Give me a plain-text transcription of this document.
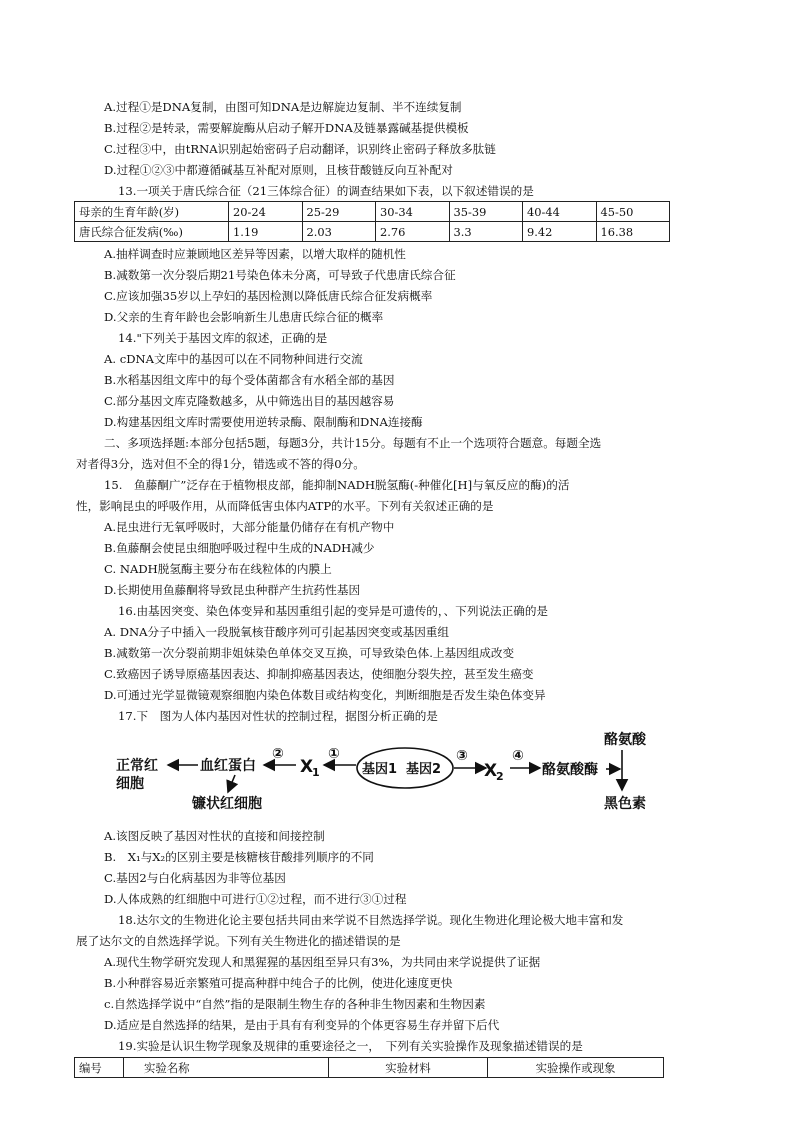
A.过程①是DNA复制，由图可知DNA是边解旋边复制、半不连续复制
B.过程②是转录，需要解旋酶从启动子解开DNA及链暴露碱基提供模板
C.过程③中，由tRNA识别起始密码子启动翻译，识别终止密码子释放多肽链
D.过程①②③中都遵循碱基互补配对原则，且核苷酸链反向互补配对
13.一项关于唐氏综合征（21三体综合征）的调查结果如下表，以下叙述错误的是
母亲的生育年龄(岁)	20-24	25-29	30-34	35-39	40-44	45-50
唐氏综合征发病(‰)	1.19	2.03	2.76	3.3	9.42	16.38
A.抽样调查时应兼顾地区差异等因素，以增大取样的随机性
B.减数第一次分裂后期21号染色体未分离，可导致子代患唐氏综合征
C.应该加强35岁以上孕妇的基因检测以降低唐氏综合征发病概率
D.父亲的生育年龄也会影响新生儿患唐氏综合征的概率
14."下列关于基因文库的叙述，正确的是
A. cDNA文库中的基因可以在不同物种间进行交流
B.水稻基因组文库中的每个受体菌都含有水稻全部的基因
C.部分基因文库克隆数越多，从中筛选出目的基因越容易
D.构建基因组文库时需要使用逆转录酶、限制酶和DNA连接酶
二、多项选择题:本部分包括5题，每题3分，共计15分。每题有不止一个选项符合题意。每题全选
对者得3分，选对但不全的得1分，错选或不答的得0分。
15.　鱼藤酮广”泛存在于植物根皮部，能抑制NADH脱氢酶(-种催化[H]与氧反应的酶)的活
性，影响昆虫的呼吸作用，从而降低害虫体内ATP的水平。下列有关叙述正确的是
A.昆虫进行无氧呼吸时，大部分能量仍储存在有机产物中
B.鱼藤酮会使昆虫细胞呼吸过程中生成的NADH减少
C. NADH脱氢酶主要分布在线粒体的内膜上
D.长期使用鱼藤酮将导致昆虫种群产生抗药性基因
16.由基因突变、染色体变异和基因重组引起的变异是可遗传的，、下列说法正确的是
A. DNA分子中插入一段脱氧核苷酸序列可引起基因突变或基因重组
B.减数第一次分裂前期非姐妹染色单体交叉互换，可导致染色体.上基因组成改变
C.致癌因子诱导原癌基因表达、抑制抑癌基因表达，使细胞分裂失控，甚至发生癌变
D.可通过光学显微镜观察细胞内染色体数目或结构变化，判断细胞是否发生染色体变异
17.下　图为人体内基因对性状的控制过程，据图分析正确的是
正常红
细胞
血红蛋白
镰状红细胞
②
X
1
①
基因1 基因2
③
X
2
④
酪氨酸酶
酪氨酸
黑色素
A.该图反映了基因对性状的直接和间接控制
B.　X₁与X₂的区别主要是核糖核苷酸排列顺序的不同
C.基因2与白化病基因为非等位基因
D.人体成熟的红细胞中可进行①②过程，而不进行③①过程
18.达尔文的生物进化论主要包括共同由来学说不目然选择学说。现化生物进化理论极大地丰富和发
展了达尔文的自然选择学说。下列有关生物进化的描述错误的是
A.现代生物学研究发现人和黑猩猩的基因组至异只有3%，为共同由来学说提供了证据
B.小种群容易近亲繁殖可提高种群中纯合子的比例，使进化速度更快
c.自然选择学说中“自然”指的是限制生物生存的各种非生物因素和生物因素
D.适应是自然选择的结果，是由于具有有利变异的个体更容易生存并留下后代
19.实验是认识生物学现象及规律的重要途径之一，　下列有关实验操作及现象描述错误的是
编号	实验名称	实验材料	实验操作或现象
